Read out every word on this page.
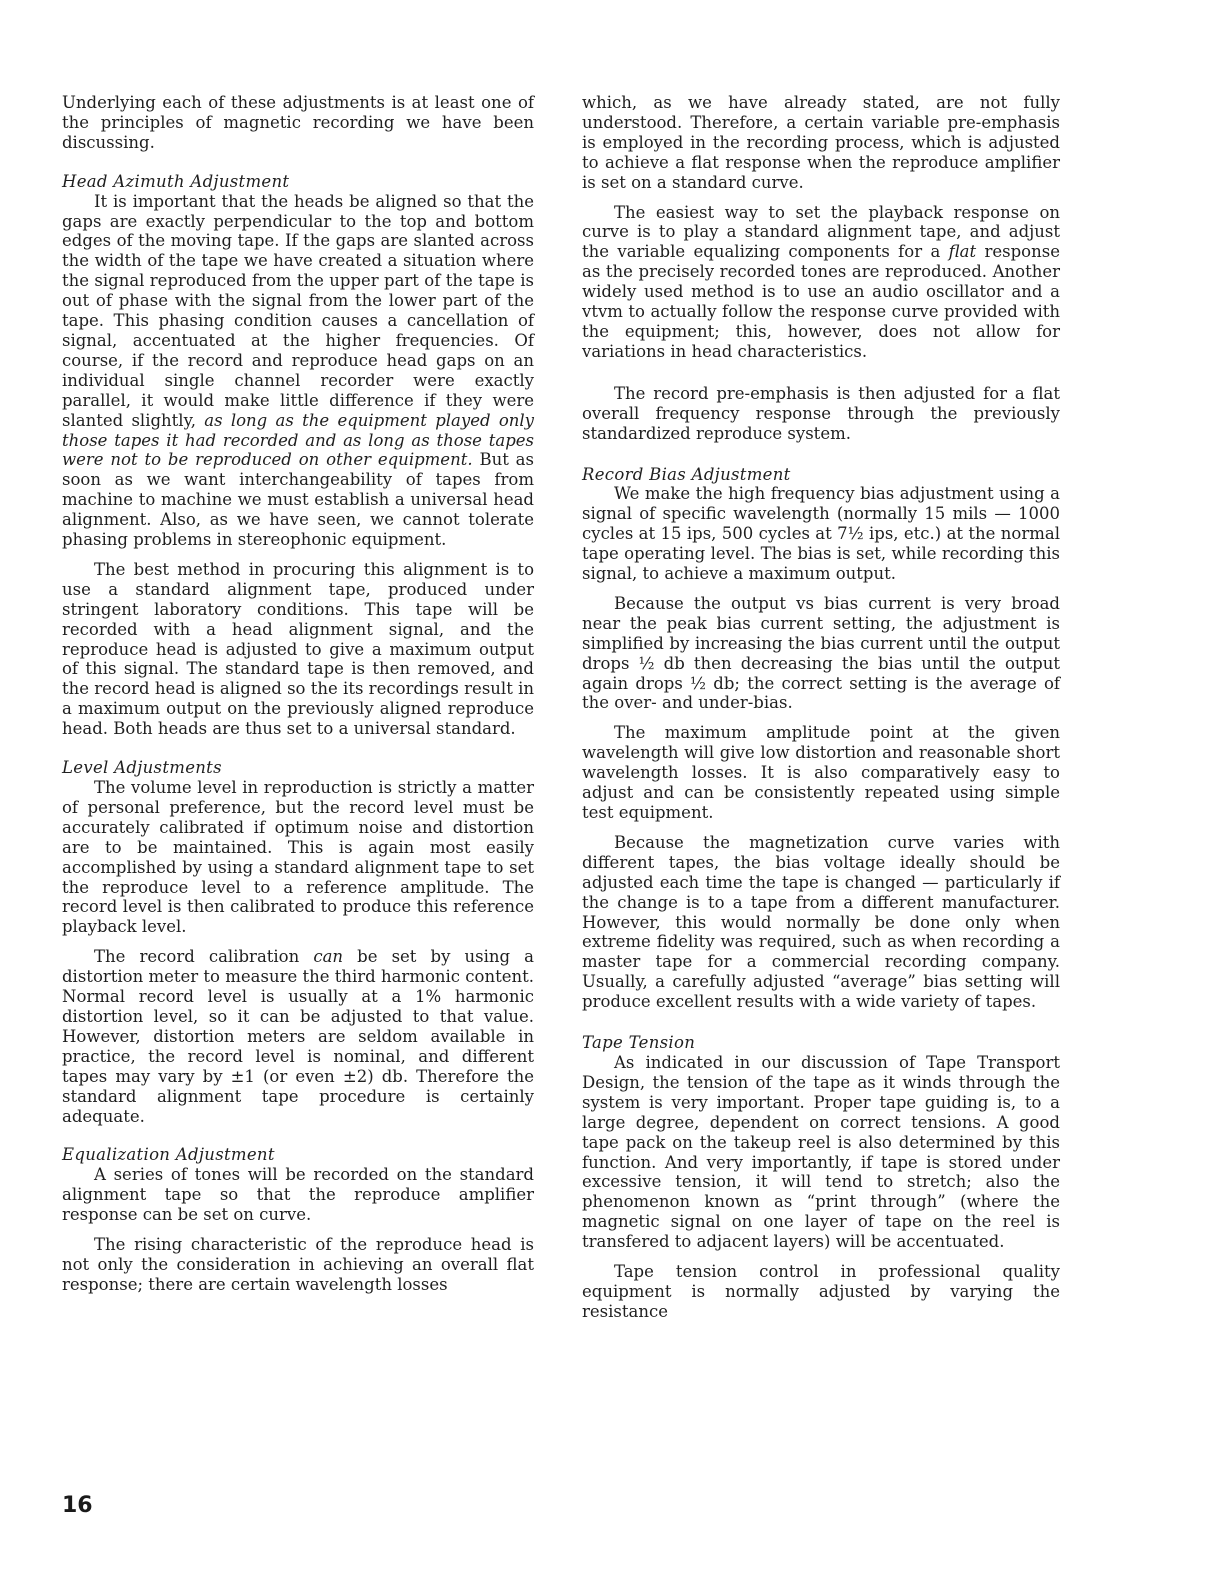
Underlying each of these adjustments is at least one of the principles of magnetic recording we have been discussing.

Head Azimuth Adjustment

It is important that the heads be aligned so that the gaps are exactly perpendicular to the top and bottom edges of the moving tape. If the gaps are slanted across the width of the tape we have created a situation where the signal reproduced from the upper part of the tape is out of phase with the signal from the lower part of the tape. This phasing condition causes a cancellation of signal, accentuated at the higher frequencies. Of course, if the record and reproduce head gaps on an individual single channel recorder were exactly parallel, it would make little difference if they were slanted slightly, as long as the equipment played only those tapes it had recorded and as long as those tapes were not to be reproduced on other equipment. But as soon as we want interchangeability of tapes from machine to machine we must establish a universal head alignment. Also, as we have seen, we cannot tolerate phasing problems in stereophonic equipment.

The best method in procuring this alignment is to use a standard alignment tape, produced under stringent laboratory conditions. This tape will be recorded with a head alignment signal, and the reproduce head is adjusted to give a maximum output of this signal. The standard tape is then removed, and the record head is aligned so the its recordings result in a maximum output on the previously aligned reproduce head. Both heads are thus set to a universal standard.

Level Adjustments

The volume level in reproduction is strictly a matter of personal preference, but the record level must be accurately calibrated if optimum noise and distortion are to be maintained. This is again most easily accomplished by using a standard alignment tape to set the reproduce level to a reference amplitude. The record level is then calibrated to produce this reference playback level.

The record calibration can be set by using a distortion meter to measure the third harmonic content. Normal record level is usually at a 1% harmonic distortion level, so it can be adjusted to that value. However, distortion meters are seldom available in practice, the record level is nominal, and different tapes may vary by ±1 (or even ±2) db. Therefore the standard alignment tape procedure is certainly adequate.

Equalization Adjustment

A series of tones will be recorded on the standard alignment tape so that the reproduce amplifier response can be set on curve.

The rising characteristic of the reproduce head is not only the consideration in achieving an overall flat response; there are certain wavelength losses

which, as we have already stated, are not fully understood. Therefore, a certain variable pre-emphasis is employed in the recording process, which is adjusted to achieve a flat response when the reproduce amplifier is set on a standard curve.

The easiest way to set the playback response on curve is to play a standard alignment tape, and adjust the variable equalizing components for a flat response as the precisely recorded tones are reproduced. Another widely used method is to use an audio oscillator and a vtvm to actually follow the response curve provided with the equipment; this, however, does not allow for variations in head characteristics.

The record pre-emphasis is then adjusted for a flat overall frequency response through the previously standardized reproduce system.

Record Bias Adjustment

We make the high frequency bias adjustment using a signal of specific wavelength (normally 15 mils — 1000 cycles at 15 ips, 500 cycles at 7½ ips, etc.) at the normal tape operating level. The bias is set, while recording this signal, to achieve a maximum output.

Because the output vs bias current is very broad near the peak bias current setting, the adjustment is simplified by increasing the bias current until the output drops ½ db then decreasing the bias until the output again drops ½ db; the correct setting is the average of the over- and under-bias.

The maximum amplitude point at the given wavelength will give low distortion and reasonable short wavelength losses. It is also comparatively easy to adjust and can be consistently repeated using simple test equipment.

Because the magnetization curve varies with different tapes, the bias voltage ideally should be adjusted each time the tape is changed — particularly if the change is to a tape from a different manufacturer. However, this would normally be done only when extreme fidelity was required, such as when recording a master tape for a commercial recording company. Usually, a carefully adjusted “average” bias setting will produce excellent results with a wide variety of tapes.

Tape Tension

As indicated in our discussion of Tape Transport Design, the tension of the tape as it winds through the system is very important. Proper tape guiding is, to a large degree, dependent on correct tensions. A good tape pack on the takeup reel is also determined by this function. And very importantly, if tape is stored under excessive tension, it will tend to stretch; also the phenomenon known as “print through” (where the magnetic signal on one layer of tape on the reel is transfered to adjacent layers) will be accentuated.

Tape tension control in professional quality equipment is normally adjusted by varying the resistance

16
